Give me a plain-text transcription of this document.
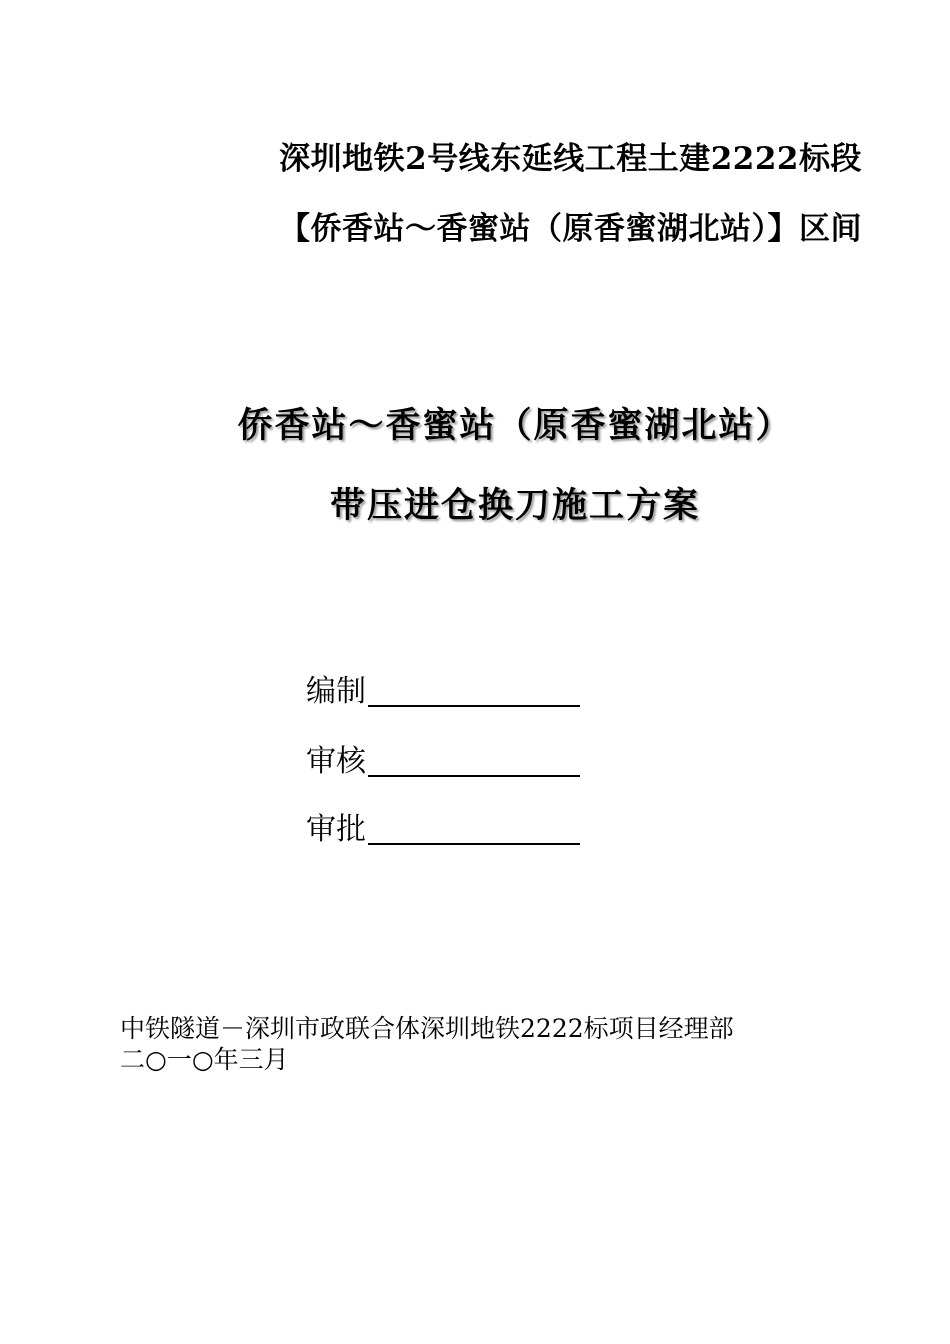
深圳地铁2号线东延线工程土建2222标段
【侨香站～香蜜站（原香蜜湖北站）】区间
侨香站～香蜜站（原香蜜湖北站）
带压进仓换刀施工方案
编制
审核
审批
中铁隧道－深圳市政联合体深圳地铁2222标项目经理部
二○一○年三月
